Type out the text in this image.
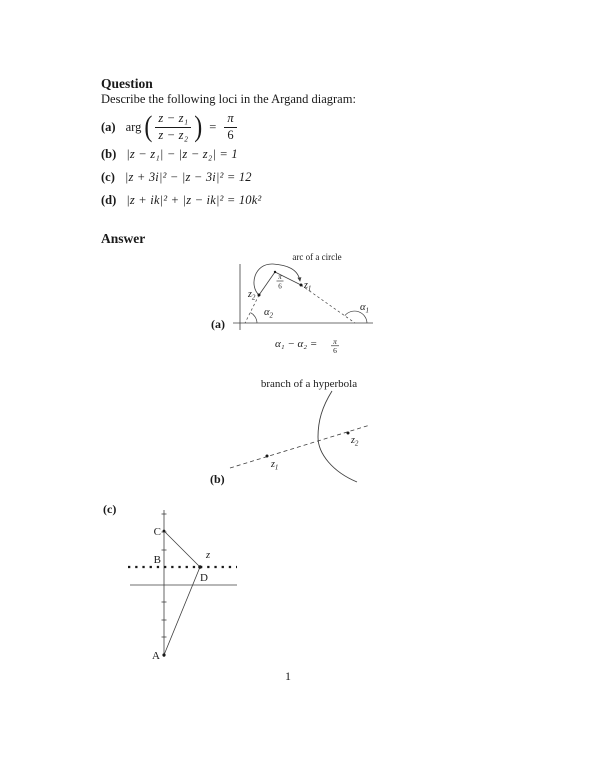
Question
Describe the following loci in the Argand diagram:
(a) arg ( $\frac{\text{z − z₁}}{\text{z − z₂}}$ ) = $\frac{\pi}{6}$
(b) |z − z₁| − |z − z₂| = 1
(c) |z + 3i|² − |z − 3i|² = 12
(d) |z + ik|² + |z − ik|² = 10k²
Answer
π
6
arc of a circle
$z_1$
$z_2$
$\alpha_1$
$\alpha_2$
(a)
α₁ − α₂ = π
6
branch of a hyperbola
$z_1$
$z_2$
(b)
(c)
C
B	z
D
A
1
